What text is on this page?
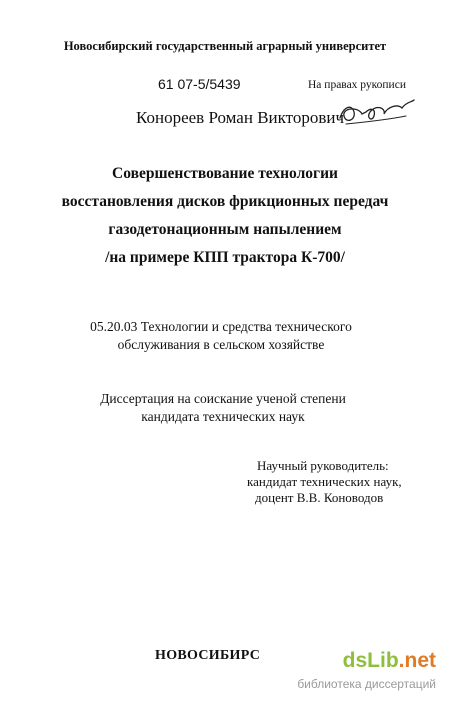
Новосибирский государственный аграрный университет
61 07-5/5439	На правах рукописи
Конореев Роман Викторович
Совершенствование технологии
восстановления дисков фрикционных передач
газодетонационным напылением
/на примере КПП трактора К-700/
05.20.03 Технологии и средства технического
обслуживания в сельском хозяйстве
Диссертация на соискание ученой степени
кандидата технических наук
Научный руководитель:
кандидат технических наук,
доцент В.В. Коноводов
НОВОСИБИРС	dsLib.net
библиотека диссертаций
